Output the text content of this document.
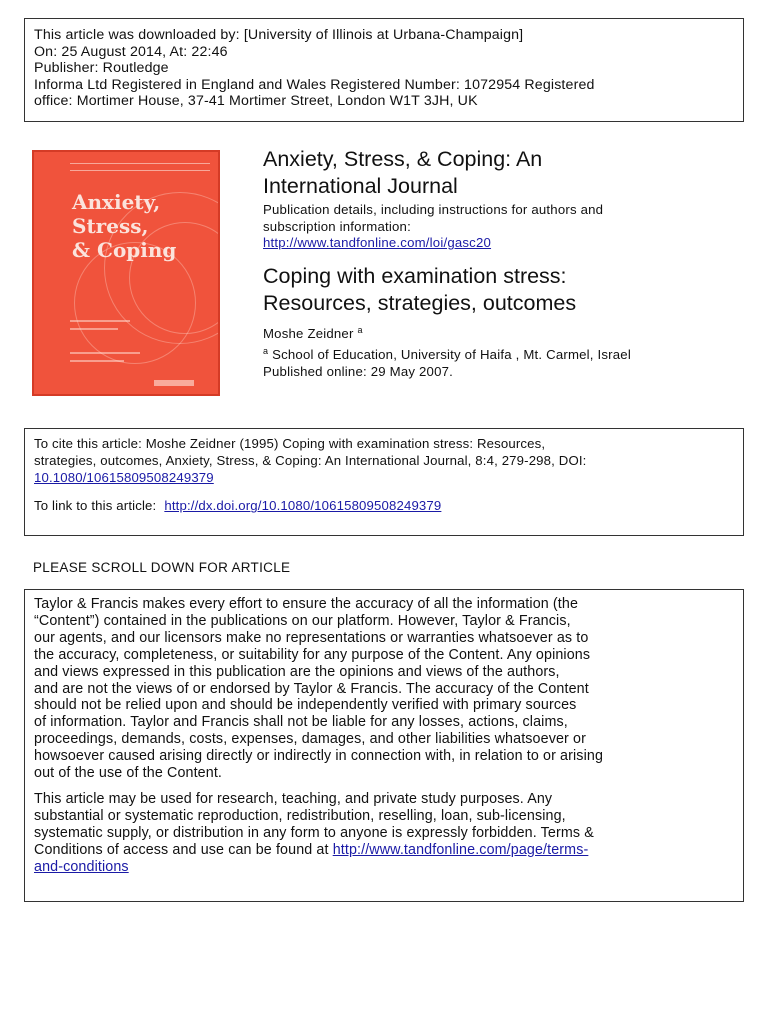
This article was downloaded by: [University of Illinois at Urbana-Champaign]
On: 25 August 2014, At: 22:46
Publisher: Routledge
Informa Ltd Registered in England and Wales Registered Number: 1072954 Registered
office: Mortimer House, 37-41 Mortimer Street, London W1T 3JH, UK
Anxiety,
Stress,
& Coping
Anxiety, Stress, & Coping: An
International Journal
Publication details, including instructions for authors and
subscription information:
http://www.tandfonline.com/loi/gasc20
Coping with examination stress:
Resources, strategies, outcomes
Moshe Zeidner $^a$
$^a$ School of Education, University of Haifa , Mt. Carmel, Israel
Published online: 29 May 2007.
To cite this article: Moshe Zeidner (1995) Coping with examination stress: Resources,
strategies, outcomes, Anxiety, Stress, & Coping: An International Journal, 8:4, 279-298, DOI:
10.1080/10615809508249379
To link to this article: http://dx.doi.org/10.1080/10615809508249379
PLEASE SCROLL DOWN FOR ARTICLE
Taylor & Francis makes every effort to ensure the accuracy of all the information (the
“Content”) contained in the publications on our platform. However, Taylor & Francis,
our agents, and our licensors make no representations or warranties whatsoever as to
the accuracy, completeness, or suitability for any purpose of the Content. Any opinions
and views expressed in this publication are the opinions and views of the authors,
and are not the views of or endorsed by Taylor & Francis. The accuracy of the Content
should not be relied upon and should be independently verified with primary sources
of information. Taylor and Francis shall not be liable for any losses, actions, claims,
proceedings, demands, costs, expenses, damages, and other liabilities whatsoever or
howsoever caused arising directly or indirectly in connection with, in relation to or arising
out of the use of the Content.
This article may be used for research, teaching, and private study purposes. Any
substantial or systematic reproduction, redistribution, reselling, loan, sub-licensing,
systematic supply, or distribution in any form to anyone is expressly forbidden. Terms &
Conditions of access and use can be found at http://www.tandfonline.com/page/terms-
and-conditions
